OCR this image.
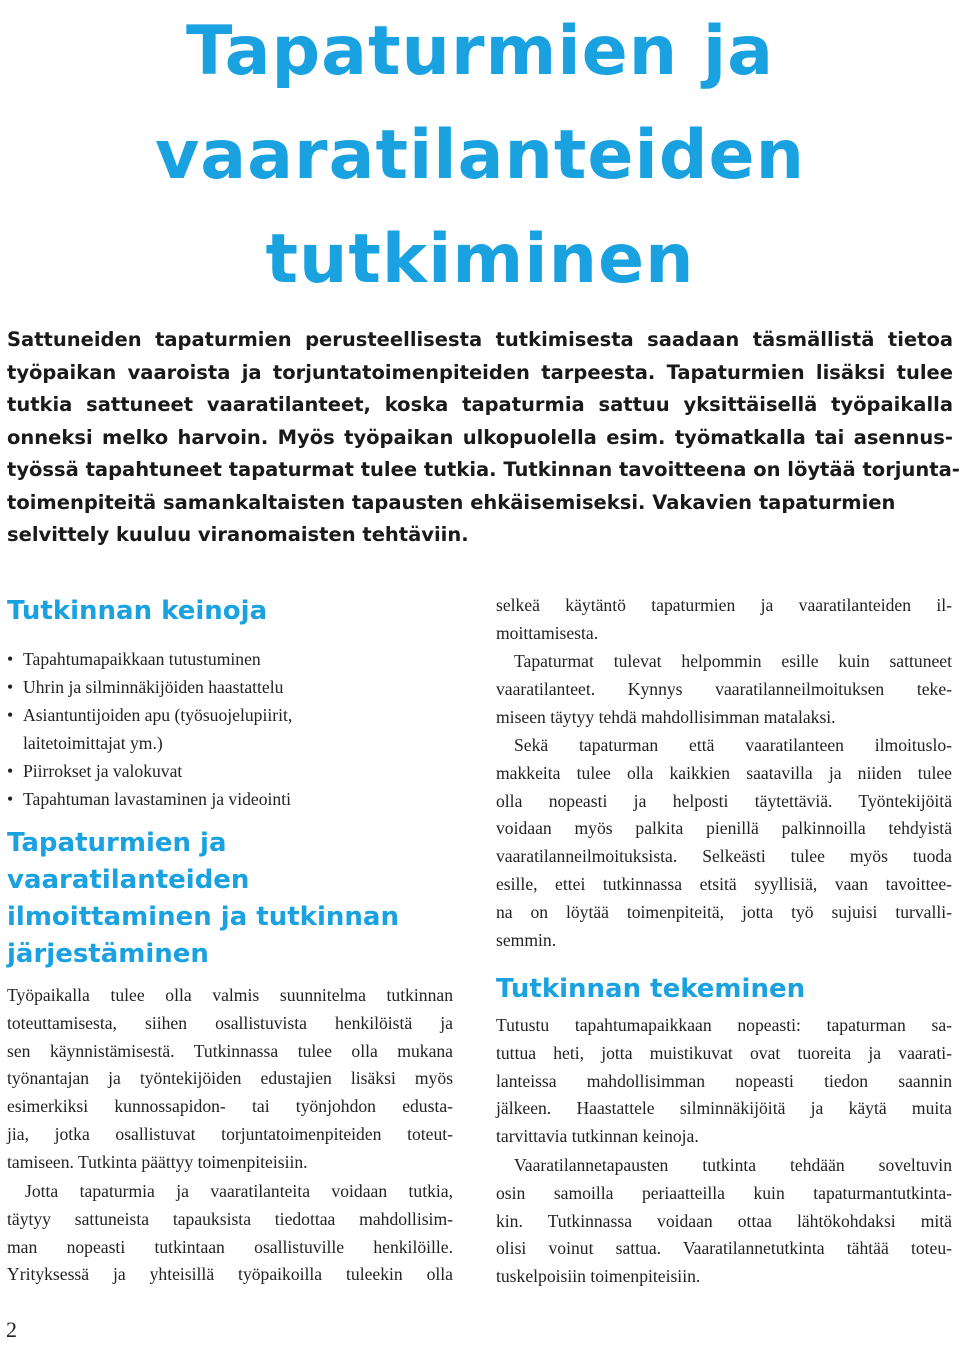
Tapaturmien ja
vaaratilanteiden
tutkiminen
Sattuneiden tapaturmien perusteellisesta tutkimisesta saadaan täsmällistä tietoa
työpaikan vaaroista ja torjuntatoimenpiteiden tarpeesta. Tapaturmien lisäksi tulee
tutkia sattuneet vaaratilanteet, koska tapaturmia sattuu yksittäisellä työpaikalla
onneksi melko harvoin. Myös työpaikan ulkopuolella esim. työmatkalla tai asennus-
työssä tapahtuneet tapaturmat tulee tutkia. Tutkinnan tavoitteena on löytää torjunta-
toimenpiteitä samankaltaisten tapausten ehkäisemiseksi. Vakavien tapaturmien
selvittely kuuluu viranomaisten tehtäviin.
Tutkinnan keinoja
• Tapahtumapaikkaan tutustuminen
• Uhrin ja silminnäkijöiden haastattelu
• Asiantuntijoiden apu (työsuojelupiirit,
laitetoimittajat ym.)
• Piirrokset ja valokuvat
• Tapahtuman lavastaminen ja videointi
Tapaturmien ja
vaaratilanteiden
ilmoittaminen ja tutkinnan
järjestäminen
Työpaikalla tulee olla valmis suunnitelma tutkinnan
toteuttamisesta, siihen osallistuvista henkilöistä ja
sen käynnistämisestä. Tutkinnassa tulee olla mukana
työnantajan ja työntekijöiden edustajien lisäksi myös
esimerkiksi kunnossapidon- tai työnjohdon edusta-
jia, jotka osallistuvat torjuntatoimenpiteiden toteut-
tamiseen. Tutkinta päättyy toimenpiteisiin.
Jotta tapaturmia ja vaaratilanteita voidaan tutkia,
täytyy sattuneista tapauksista tiedottaa mahdollisim-
man nopeasti tutkintaan osallistuville henkilöille.
Yrityksessä ja yhteisillä työpaikoilla tuleekin olla
selkeä käytäntö tapaturmien ja vaaratilanteiden il-
moittamisesta.
Tapaturmat tulevat helpommin esille kuin sattuneet
vaaratilanteet. Kynnys vaaratilanneilmoituksen teke-
miseen täytyy tehdä mahdollisimman matalaksi.
Sekä tapaturman että vaaratilanteen ilmoituslo-
makkeita tulee olla kaikkien saatavilla ja niiden tulee
olla nopeasti ja helposti täytettäviä. Työntekijöitä
voidaan myös palkita pienillä palkinnoilla tehdyistä
vaaratilanneilmoituksista. Selkeästi tulee myös tuoda
esille, ettei tutkinnassa etsitä syyllisiä, vaan tavoittee-
na on löytää toimenpiteitä, jotta työ sujuisi turvalli-
semmin.
Tutkinnan tekeminen
Tutustu tapahtumapaikkaan nopeasti: tapaturman sa-
tuttua heti, jotta muistikuvat ovat tuoreita ja vaarati-
lanteissa mahdollisimman nopeasti tiedon saannin
jälkeen. Haastattele silminnäkijöitä ja käytä muita
tarvittavia tutkinnan keinoja.
Vaaratilannetapausten tutkinta tehdään soveltuvin
osin samoilla periaatteilla kuin tapaturmantutkinta-
kin. Tutkinnassa voidaan ottaa lähtökohdaksi mitä
olisi voinut sattua. Vaaratilannetutkinta tähtää toteu-
tuskelpoisiin toimenpiteisiin.
2
